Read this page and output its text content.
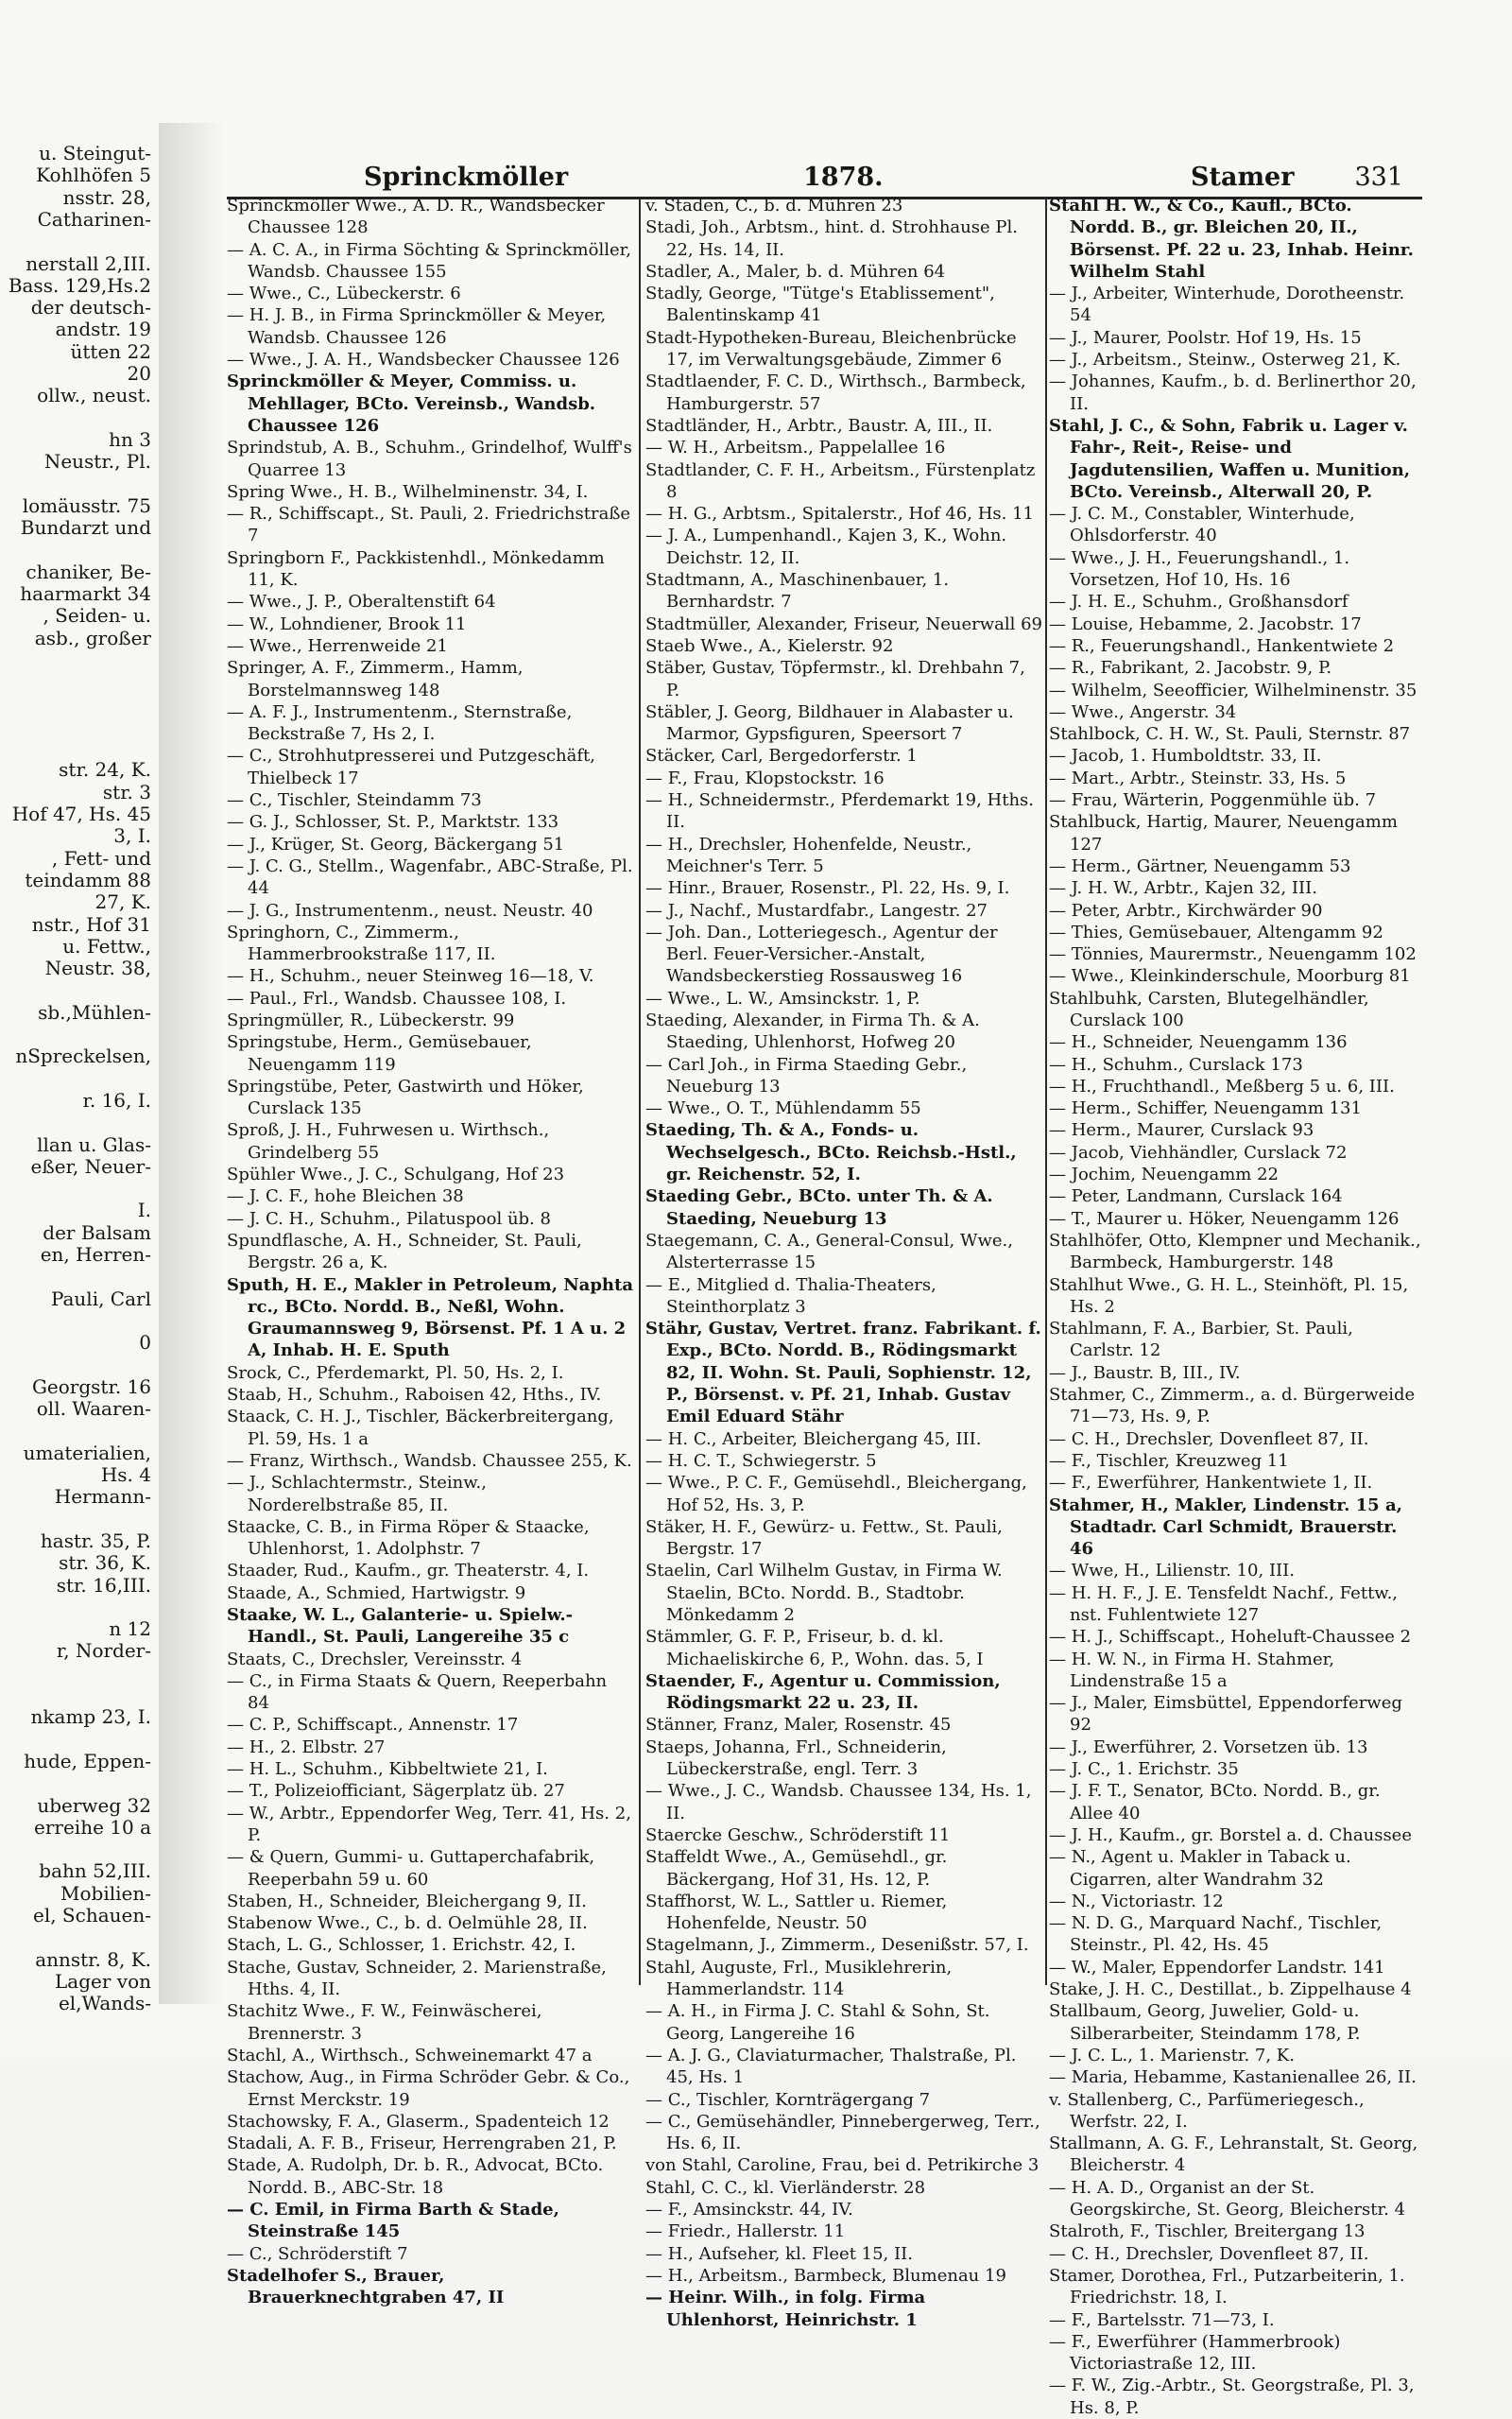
u. Steingut-
Kohlhöfen 5
nsstr. 28,
Catharinen-
nerstall 2,III.
Bass. 129,Hs.2
der deutsch-
andstr. 19
ütten 22
20
ollw., neust.
hn 3
Neustr., Pl.
lomäusstr. 75
Bundarzt und
chaniker, Be-
haarmarkt 34
, Seiden- u.
asb., großer
str. 24, K.
str. 3
Hof 47, Hs. 45
3, I.
, Fett- und
teindamm 88
27, K.
nstr., Hof 31
u. Fettw.,
Neustr. 38,
sb.,Mühlen-
nSpreckelsen,
r. 16, I.
llan u. Glas-
eßer, Neuer-
I.
der Balsam
en, Herren-
Pauli, Carl
0
Georgstr. 16
oll. Waaren-
umaterialien,
Hs. 4
Hermann-
hastr. 35, P.
str. 36, K.
str. 16,III.
n 12
r, Norder-
nkamp 23, I.
hude, Eppen-
uberweg 32
erreihe 10 a
bahn 52,III.
Mobilien-
el, Schauen-
annstr. 8, K.
Lager von
el,Wands-
Sprinckmöller	1878.	Stamer 331

Sprinckmöller Wwe., A. D. R., Wandsbecker Chaussee 128

— A. C. A., in Firma Söchting & Sprinckmöller, Wandsb. Chaussee 155

— Wwe., C., Lübeckerstr. 6

— H. J. B., in Firma Sprinckmöller & Meyer, Wandsb. Chaussee 126

— Wwe., J. A. H., Wandsbecker Chaussee 126

Sprinckmöller & Meyer, Commiss. u. Mehllager, BCto. Vereinsb., Wandsb. Chaussee 126

Sprindstub, A. B., Schuhm., Grindelhof, Wulff's Quarree 13

Spring Wwe., H. B., Wilhelminenstr. 34, I.

— R., Schiffscapt., St. Pauli, 2. Friedrichstraße 7

Springborn F., Packkistenhdl., Mönkedamm 11, K.

— Wwe., J. P., Oberaltenstift 64

— W., Lohndiener, Brook 11

— Wwe., Herrenweide 21

Springer, A. F., Zimmerm., Hamm, Borstelmannsweg 148

— A. F. J., Instrumentenm., Sternstraße, Beckstraße 7, Hs 2, I.

— C., Strohhutpresserei und Putzgeschäft, Thielbeck 17

— C., Tischler, Steindamm 73

— G. J., Schlosser, St. P., Marktstr. 133

— J., Krüger, St. Georg, Bäckergang 51

— J. C. G., Stellm., Wagenfabr., ABC-Straße, Pl. 44

— J. G., Instrumentenm., neust. Neustr. 40

Springhorn, C., Zimmerm., Hammerbrookstraße 117, II.

— H., Schuhm., neuer Steinweg 16—18, V.

— Paul., Frl., Wandsb. Chaussee 108, I.

Springmüller, R., Lübeckerstr. 99

Springstube, Herm., Gemüsebauer, Neuengamm 119

Springstübe, Peter, Gastwirth und Höker, Curslack 135

Sproß, J. H., Fuhrwesen u. Wirthsch., Grindelberg 55

Spühler Wwe., J. C., Schulgang, Hof 23

— J. C. F., hohe Bleichen 38

— J. C. H., Schuhm., Pilatuspool üb. 8

Spundflasche, A. H., Schneider, St. Pauli, Bergstr. 26 a, K.

Sputh, H. E., Makler in Petroleum, Naphta rc., BCto. Nordd. B., Neßl, Wohn. Graumannsweg 9, Börsenst. Pf. 1 A u. 2 A, Inhab. H. E. Sputh

Srock, C., Pferdemarkt, Pl. 50, Hs. 2, I.

Staab, H., Schuhm., Raboisen 42, Hths., IV.

Staack, C. H. J., Tischler, Bäckerbreitergang, Pl. 59, Hs. 1 a

— Franz, Wirthsch., Wandsb. Chaussee 255, K.

— J., Schlachtermstr., Steinw., Norderelbstraße 85, II.

Staacke, C. B., in Firma Röper & Staacke, Uhlenhorst, 1. Adolphstr. 7

Staader, Rud., Kaufm., gr. Theaterstr. 4, I.

Staade, A., Schmied, Hartwigstr. 9

Staake, W. L., Galanterie- u. Spielw.-Handl., St. Pauli, Langereihe 35 c

Staats, C., Drechsler, Vereinsstr. 4

— C., in Firma Staats & Quern, Reeperbahn 84

— C. P., Schiffscapt., Annenstr. 17

— H., 2. Elbstr. 27

— H. L., Schuhm., Kibbeltwiete 21, I.

— T., Polizeiofficiant, Sägerplatz üb. 27

— W., Arbtr., Eppendorfer Weg, Terr. 41, Hs. 2, P.

— & Quern, Gummi- u. Guttaperchafabrik, Reeperbahn 59 u. 60

Staben, H., Schneider, Bleichergang 9, II.

Stabenow Wwe., C., b. d. Oelmühle 28, II.

Stach, L. G., Schlosser, 1. Erichstr. 42, I.

Stache, Gustav, Schneider, 2. Marienstraße, Hths. 4, II.

Stachitz Wwe., F. W., Feinwäscherei, Brennerstr. 3

Stachl, A., Wirthsch., Schweinemarkt 47 a

Stachow, Aug., in Firma Schröder Gebr. & Co., Ernst Merckstr. 19

Stachowsky, F. A., Glaserm., Spadenteich 12

Stadali, A. F. B., Friseur, Herrengraben 21, P.

Stade, A. Rudolph, Dr. b. R., Advocat, BCto. Nordd. B., ABC-Str. 18

— C. Emil, in Firma Barth & Stade, Steinstraße 145

— C., Schröderstift 7

Stadelhofer S., Brauer, Brauerknechtgraben 47, II

v. Staden, C., b. d. Mühren 23

Stadi, Joh., Arbtsm., hint. d. Strohhause Pl. 22, Hs. 14, II.

Stadler, A., Maler, b. d. Mühren 64

Stadly, George, "Tütge's Etablissement", Balentinskamp 41

Stadt-Hypotheken-Bureau, Bleichenbrücke 17, im Verwaltungsgebäude, Zimmer 6

Stadtlaender, F. C. D., Wirthsch., Barmbeck, Hamburgerstr. 57

Stadtländer, H., Arbtr., Baustr. A, III., II.

— W. H., Arbeitsm., Pappelallee 16

Stadtlander, C. F. H., Arbeitsm., Fürstenplatz 8

— H. G., Arbtsm., Spitalerstr., Hof 46, Hs. 11

— J. A., Lumpenhandl., Kajen 3, K., Wohn. Deichstr. 12, II.

Stadtmann, A., Maschinenbauer, 1. Bernhardstr. 7

Stadtmüller, Alexander, Friseur, Neuerwall 69

Staeb Wwe., A., Kielerstr. 92

Stäber, Gustav, Töpfermstr., kl. Drehbahn 7, P.

Stäbler, J. Georg, Bildhauer in Alabaster u. Marmor, Gypsfiguren, Speersort 7

Stäcker, Carl, Bergedorferstr. 1

— F., Frau, Klopstockstr. 16

— H., Schneidermstr., Pferdemarkt 19, Hths. II.

— H., Drechsler, Hohenfelde, Neustr., Meichner's Terr. 5

— Hinr., Brauer, Rosenstr., Pl. 22, Hs. 9, I.

— J., Nachf., Mustardfabr., Langestr. 27

— Joh. Dan., Lotteriegesch., Agentur der Berl. Feuer-Versicher.-Anstalt, Wandsbeckerstieg Rossausweg 16

— Wwe., L. W., Amsinckstr. 1, P.

Staeding, Alexander, in Firma Th. & A. Staeding, Uhlenhorst, Hofweg 20

— Carl Joh., in Firma Staeding Gebr., Neueburg 13

— Wwe., O. T., Mühlendamm 55

Staeding, Th. & A., Fonds- u. Wechselgesch., BCto. Reichsb.-Hstl., gr. Reichenstr. 52, I.

Staeding Gebr., BCto. unter Th. & A. Staeding, Neueburg 13

Staegemann, C. A., General-Consul, Wwe., Alsterterrasse 15

— E., Mitglied d. Thalia-Theaters, Steinthorplatz 3

Stähr, Gustav, Vertret. franz. Fabrikant. f. Exp., BCto. Nordd. B., Rödingsmarkt 82, II. Wohn. St. Pauli, Sophienstr. 12, P., Börsenst. v. Pf. 21, Inhab. Gustav Emil Eduard Stähr

— H. C., Arbeiter, Bleichergang 45, III.

— H. C. T., Schwiegerstr. 5

— Wwe., P. C. F., Gemüsehdl., Bleichergang, Hof 52, Hs. 3, P.

Stäker, H. F., Gewürz- u. Fettw., St. Pauli, Bergstr. 17

Staelin, Carl Wilhelm Gustav, in Firma W. Staelin, BCto. Nordd. B., Stadtobr. Mönkedamm 2

Stämmler, G. F. P., Friseur, b. d. kl. Michaeliskirche 6, P., Wohn. das. 5, I

Staender, F., Agentur u. Commission, Rödingsmarkt 22 u. 23, II.

Stänner, Franz, Maler, Rosenstr. 45

Staeps, Johanna, Frl., Schneiderin, Lübeckerstraße, engl. Terr. 3

— Wwe., J. C., Wandsb. Chaussee 134, Hs. 1, II.

Staercke Geschw., Schröderstift 11

Staffeldt Wwe., A., Gemüsehdl., gr. Bäckergang, Hof 31, Hs. 12, P.

Staffhorst, W. L., Sattler u. Riemer, Hohenfelde, Neustr. 50

Stagelmann, J., Zimmerm., Desenißstr. 57, I.

Stahl, Auguste, Frl., Musiklehrerin, Hammerlandstr. 114

— A. H., in Firma J. C. Stahl & Sohn, St. Georg, Langereihe 16

— A. J. G., Claviaturmacher, Thalstraße, Pl. 45, Hs. 1

— C., Tischler, Kornträgergang 7

— C., Gemüsehändler, Pinnebergerweg, Terr., Hs. 6, II.

von Stahl, Caroline, Frau, bei d. Petrikirche 3

Stahl, C. C., kl. Vierländerstr. 28

— F., Amsinckstr. 44, IV.

— Friedr., Hallerstr. 11

— H., Aufseher, kl. Fleet 15, II.

— H., Arbeitsm., Barmbeck, Blumenau 19

— Heinr. Wilh., in folg. Firma Uhlenhorst, Heinrichstr. 1

Stahl H. W., & Co., Kaufl., BCto. Nordd. B., gr. Bleichen 20, II., Börsenst. Pf. 22 u. 23, Inhab. Heinr. Wilhelm Stahl

— J., Arbeiter, Winterhude, Dorotheenstr. 54

— J., Maurer, Poolstr. Hof 19, Hs. 15

— J., Arbeitsm., Steinw., Osterweg 21, K.

— Johannes, Kaufm., b. d. Berlinerthor 20, II.

Stahl, J. C., & Sohn, Fabrik u. Lager v. Fahr-, Reit-, Reise- und Jagdutensilien, Waffen u. Munition, BCto. Vereinsb., Alterwall 20, P.

— J. C. M., Constabler, Winterhude, Ohlsdorferstr. 40

— Wwe., J. H., Feuerungshandl., 1. Vorsetzen, Hof 10, Hs. 16

— J. H. E., Schuhm., Großhansdorf

— Louise, Hebamme, 2. Jacobstr. 17

— R., Feuerungshandl., Hankentwiete 2

— R., Fabrikant, 2. Jacobstr. 9, P.

— Wilhelm, Seeofficier, Wilhelminenstr. 35

— Wwe., Angerstr. 34

Stahlbock, C. H. W., St. Pauli, Sternstr. 87

— Jacob, 1. Humboldtstr. 33, II.

— Mart., Arbtr., Steinstr. 33, Hs. 5

— Frau, Wärterin, Poggenmühle üb. 7

Stahlbuck, Hartig, Maurer, Neuengamm 127

— Herm., Gärtner, Neuengamm 53

— J. H. W., Arbtr., Kajen 32, III.

— Peter, Arbtr., Kirchwärder 90

— Thies, Gemüsebauer, Altengamm 92

— Tönnies, Maurermstr., Neuengamm 102

— Wwe., Kleinkinderschule, Moorburg 81

Stahlbuhk, Carsten, Blutegelhändler, Curslack 100

— H., Schneider, Neuengamm 136

— H., Schuhm., Curslack 173

— H., Fruchthandl., Meßberg 5 u. 6, III.

— Herm., Schiffer, Neuengamm 131

— Herm., Maurer, Curslack 93

— Jacob, Viehhändler, Curslack 72

— Jochim, Neuengamm 22

— Peter, Landmann, Curslack 164

— T., Maurer u. Höker, Neuengamm 126

Stahlhöfer, Otto, Klempner und Mechanik., Barmbeck, Hamburgerstr. 148

Stahlhut Wwe., G. H. L., Steinhöft, Pl. 15, Hs. 2

Stahlmann, F. A., Barbier, St. Pauli, Carlstr. 12

— J., Baustr. B, III., IV.

Stahmer, C., Zimmerm., a. d. Bürgerweide 71—73, Hs. 9, P.

— C. H., Drechsler, Dovenfleet 87, II.

— F., Tischler, Kreuzweg 11

— F., Ewerführer, Hankentwiete 1, II.

Stahmer, H., Makler, Lindenstr. 15 a, Stadtadr. Carl Schmidt, Brauerstr. 46

— Wwe, H., Lilienstr. 10, III.

— H. H. F., J. E. Tensfeldt Nachf., Fettw., nst. Fuhlentwiete 127

— H. J., Schiffscapt., Hoheluft-Chaussee 2

— H. W. N., in Firma H. Stahmer, Lindenstraße 15 a

— J., Maler, Eimsbüttel, Eppendorferweg 92

— J., Ewerführer, 2. Vorsetzen üb. 13

— J. C., 1. Erichstr. 35

— J. F. T., Senator, BCto. Nordd. B., gr. Allee 40

— J. H., Kaufm., gr. Borstel a. d. Chaussee

— N., Agent u. Makler in Taback u. Cigarren, alter Wandrahm 32

— N., Victoriastr. 12

— N. D. G., Marquard Nachf., Tischler, Steinstr., Pl. 42, Hs. 45

— W., Maler, Eppendorfer Landstr. 141

Stake, J. H. C., Destillat., b. Zippelhause 4

Stallbaum, Georg, Juwelier, Gold- u. Silberarbeiter, Steindamm 178, P.

— J. C. L., 1. Marienstr. 7, K.

— Maria, Hebamme, Kastanienallee 26, II.

v. Stallenberg, C., Parfümeriegesch., Werfstr. 22, I.

Stallmann, A. G. F., Lehranstalt, St. Georg, Bleicherstr. 4

— H. A. D., Organist an der St. Georgskirche, St. Georg, Bleicherstr. 4

Stalroth, F., Tischler, Breitergang 13

— C. H., Drechsler, Dovenfleet 87, II.

Stamer, Dorothea, Frl., Putzarbeiterin, 1. Friedrichstr. 18, I.

— F., Bartelsstr. 71—73, I.

— F., Ewerführer (Hammerbrook) Victoriastraße 12, III.

— F. W., Zig.-Arbtr., St. Georgstraße, Pl. 3, Hs. 8, P.
